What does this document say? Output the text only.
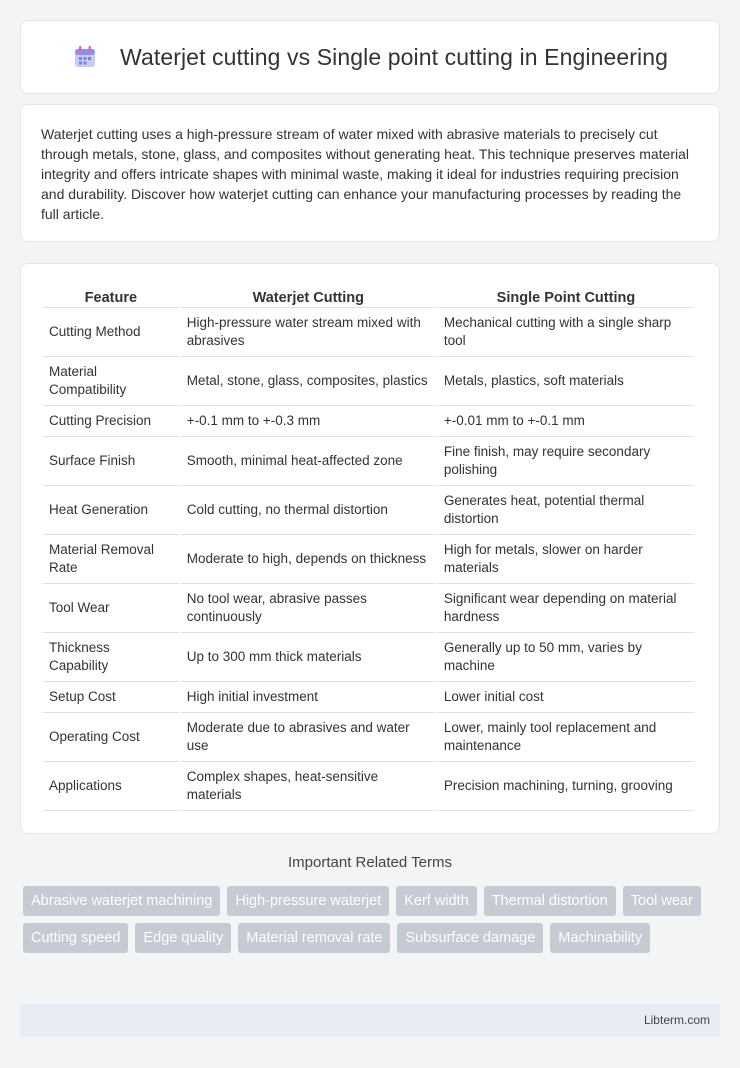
Waterjet cutting vs Single point cutting in Engineering

Waterjet cutting uses a high-pressure stream of water mixed with abrasive materials to precisely cut through metals, stone, glass, and composites without generating heat. This technique preserves material integrity and offers intricate shapes with minimal waste, making it ideal for industries requiring precision and durability. Discover how waterjet cutting can enhance your manufacturing processes by reading the full article.

Feature	Waterjet Cutting	Single Point Cutting
Cutting Method	High-pressure water stream mixed with abrasives	Mechanical cutting with a single sharp tool
Material Compatibility	Metal, stone, glass, composites, plastics	Metals, plastics, soft materials
Cutting Precision	+-0.1 mm to +-0.3 mm	+-0.01 mm to +-0.1 mm
Surface Finish	Smooth, minimal heat-affected zone	Fine finish, may require secondary polishing
Heat Generation	Cold cutting, no thermal distortion	Generates heat, potential thermal distortion
Material Removal Rate	Moderate to high, depends on thickness	High for metals, slower on harder materials
Tool Wear	No tool wear, abrasive passes continuously	Significant wear depending on material hardness
Thickness Capability	Up to 300 mm thick materials	Generally up to 50 mm, varies by machine
Setup Cost	High initial investment	Lower initial cost
Operating Cost	Moderate due to abrasives and water use	Lower, mainly tool replacement and maintenance
Applications	Complex shapes, heat-sensitive materials	Precision machining, turning, grooving
Important Related Terms
Abrasive waterjet machining High-pressure waterjet Kerf width Thermal distortion Tool wearCutting speed Edge quality Material removal rate Subsurface damage Machinability
Libterm.com
